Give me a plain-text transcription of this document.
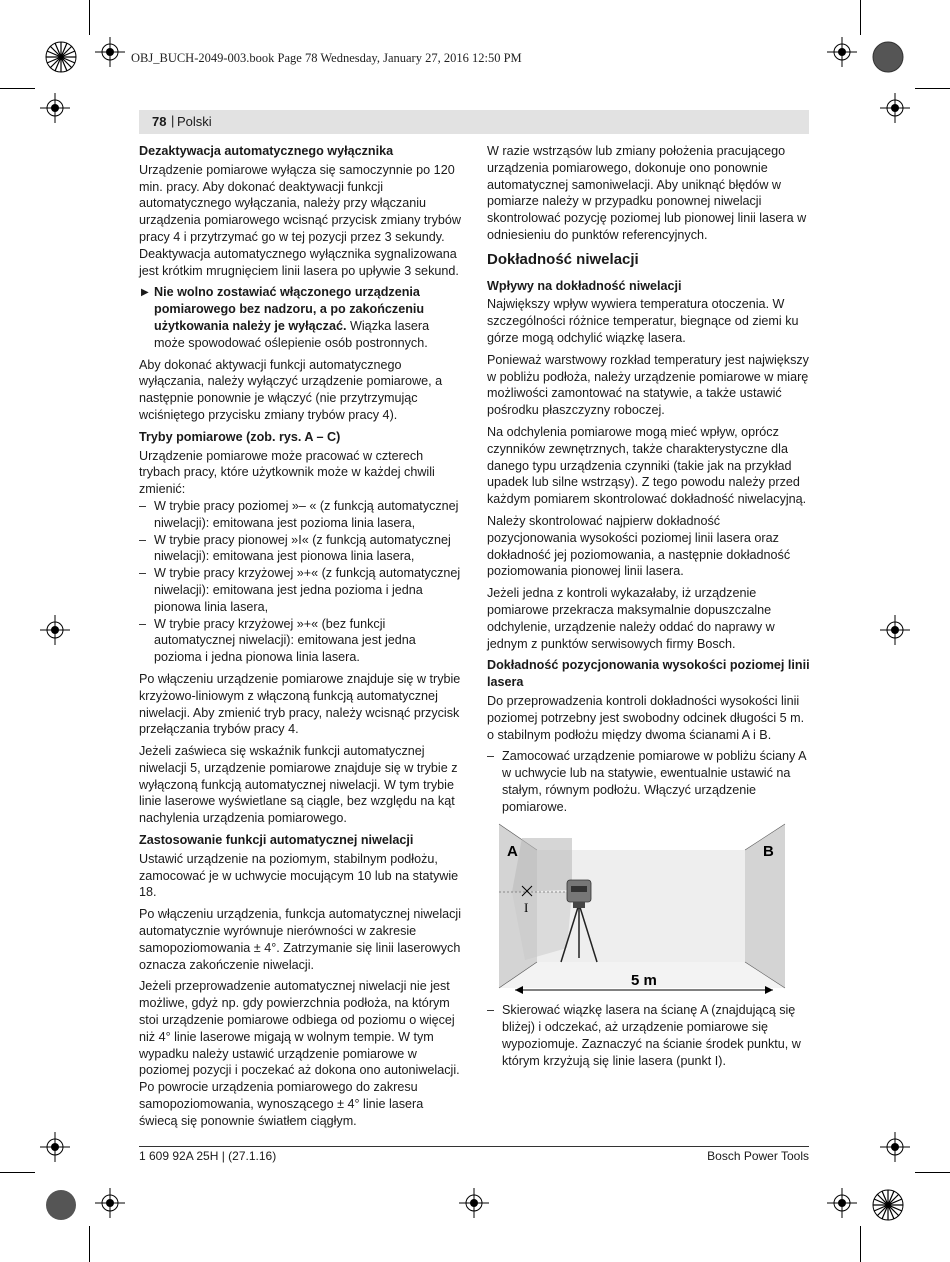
OBJ_BUCH-2049-003.book Page 78 Wednesday, January 27, 2016 12:50 PM
78 | Polski
Dezaktywacja automatycznego wyłącznika

Urządzenie pomiarowe wyłącza się samoczynnie po 120 min. pracy. Aby dokonać deaktywacji funkcji automatycznego wyłączania, należy przy włączaniu urządzenia pomiarowego wcisnąć przycisk zmiany trybów pracy 4 i przytrzymać go w tej pozycji przez 3 sekundy. Deaktywacja automatycznego wyłącznika sygnalizowana jest krótkim mrugnięciem linii lasera po upływie 3 sekund.

▶ Nie wolno zostawiać włączonego urządzenia pomiarowego bez nadzoru, a po zakończeniu użytkowania należy je wyłączać. Wiązka lasera może spowodować oślepienie osób postronnych.

Aby dokonać aktywacji funkcji automatycznego wyłączania, należy wyłączyć urządzenie pomiarowe, a następnie ponownie je włączyć (nie przytrzymując wciśniętego przycisku zmiany trybów pracy 4).

Tryby pomiarowe (zob. rys. A – C)

Urządzenie pomiarowe może pracować w czterech trybach pracy, które użytkownik może w każdej chwili zmienić:

– W trybie pracy poziomej »– « (z funkcją automatycznej niwelacji): emitowana jest pozioma linia lasera,
– W trybie pracy pionowej »I« (z funkcją automatycznej niwelacji): emitowana jest pionowa linia lasera,
– W trybie pracy krzyżowej »+« (z funkcją automatycznej niwelacji): emitowana jest jedna pozioma i jedna pionowa linia lasera,
– W trybie pracy krzyżowej »+« (bez funkcji automatycznej niwelacji): emitowana jest jedna pozioma i jedna pionowa linia lasera.

Po włączeniu urządzenie pomiarowe znajduje się w trybie krzyżowo-liniowym z włączoną funkcją automatycznej niwelacji. Aby zmienić tryb pracy, należy wcisnąć przycisk przełączania trybów pracy 4.

Jeżeli zaświeca się wskaźnik funkcji automatycznej niwelacji 5, urządzenie pomiarowe znajduje się w trybie z wyłączoną funkcją automatycznej niwelacji. W tym trybie linie laserowe wyświetlane są ciągle, bez względu na kąt nachylenia urządzenia pomiarowego.

Zastosowanie funkcji automatycznej niwelacji

Ustawić urządzenie na poziomym, stabilnym podłożu, zamocować je w uchwycie mocującym 10 lub na statywie 18.

Po włączeniu urządzenia, funkcja automatycznej niwelacji automatycznie wyrównuje nierówności w zakresie samopoziomowania ± 4°. Zatrzymanie się linii laserowych oznacza zakończenie niwelacji.

Jeżeli przeprowadzenie automatycznej niwelacji nie jest możliwe, gdyż np. gdy powierzchnia podłoża, na którym stoi urządzenie pomiarowe odbiega od poziomu o więcej niż 4° linie laserowe migają w wolnym tempie. W tym wypadku należy ustawić urządzenie pomiarowe w poziomej pozycji i poczekać aż dokona ono autoniwelacji. Po powrocie urządzenia pomiarowego do zakresu samopoziomowania, wynoszącego ± 4° linie lasera świecą się ponownie światłem ciągłym.

W razie wstrząsów lub zmiany położenia pracującego urządzenia pomiarowego, dokonuje ono ponownie automatycznej samoniwelacji. Aby uniknąć błędów w pomiarze należy w przypadku ponownej niwelacji skontrolować pozycję poziomej lub pionowej linii lasera w odniesieniu do punktów referencyjnych.

Dokładność niwelacji
Wpływy na dokładność niwelacji

Największy wpływ wywiera temperatura otoczenia. W szczególności różnice temperatur, biegnące od ziemi ku górze mogą odchylić wiązkę lasera.

Ponieważ warstwowy rozkład temperatury jest największy w pobliżu podłoża, należy urządzenie pomiarowe w miarę możliwości zamontować na statywie, a także ustawić pośrodku płaszczyzny roboczej.

Na odchylenia pomiarowe mogą mieć wpływ, oprócz czynników zewnętrznych, także charakterystyczne dla danego typu urządzenia czynniki (takie jak na przykład upadek lub silne wstrząsy). Z tego powodu należy przed każdym pomiarem skontrolować dokładność niwelacyjną.

Należy skontrolować najpierw dokładność pozycjonowania wysokości poziomej linii lasera oraz dokładność jej poziomowania, a następnie dokładność poziomowania pionowej linii lasera.

Jeżeli jedna z kontroli wykazałaby, iż urządzenie pomiarowe przekracza maksymalnie dopuszczalne odchylenie, urządzenie należy oddać do naprawy w jednym z punktów serwisowych firmy Bosch.

Dokładność pozycjonowania wysokości poziomej linii lasera

Do przeprowadzenia kontroli dokładności wysokości linii poziomej potrzebny jest swobodny odcinek długości 5 m. o stabilnym podłożu między dwoma ścianami A i B.

– Zamocować urządzenie pomiarowe w pobliżu ściany A w uchwycie lub na statywie, ewentualnie ustawić na stałym, równym podłożu. Włączyć urządzenie pomiarowe.
A	B
I
5 m
– Skierować wiązkę lasera na ścianę A (znajdującą się bliżej) i odczekać, aż urządzenie pomiarowe się wypoziomuje. Zaznaczyć na ścianie środek punktu, w którym krzyżują się linie lasera (punkt I).
1 609 92A 25H | (27.1.16)	Bosch Power Tools
